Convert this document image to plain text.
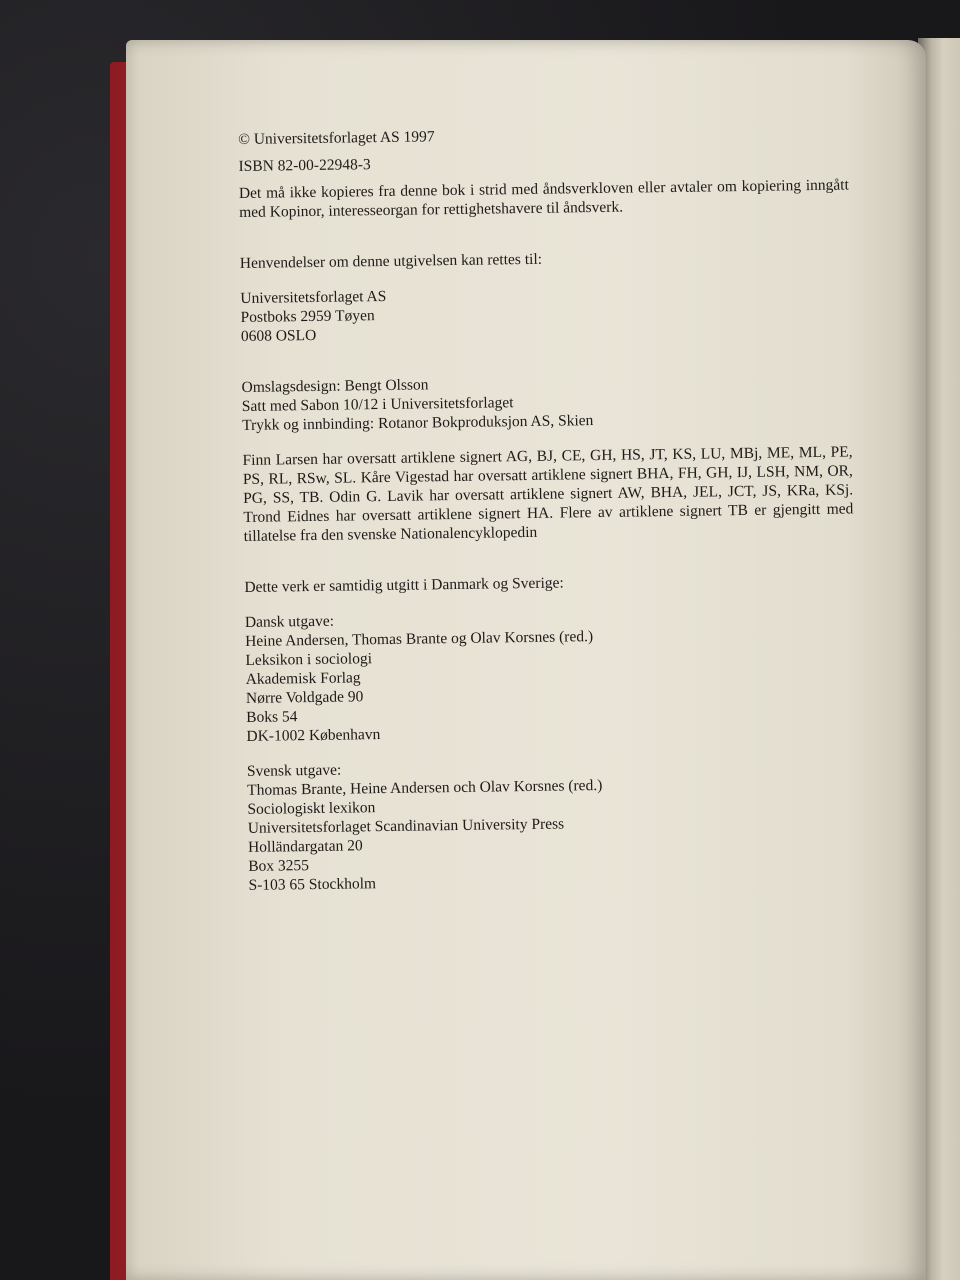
© Universitetsforlaget AS 1997
ISBN 82-00-22948-3
Det må ikke kopieres fra denne bok i strid med åndsverkloven eller avtaler om kopiering inngått med Kopinor, interesseorgan for rettighetshavere til åndsverk.
Henvendelser om denne utgivelsen kan rettes til:
Universitetsforlaget AS
Postboks 2959 Tøyen
0608 OSLO
Omslagsdesign: Bengt Olsson
Satt med Sabon 10/12 i Universitetsforlaget
Trykk og innbinding: Rotanor Bokproduksjon AS, Skien
Finn Larsen har oversatt artiklene signert AG, BJ, CE, GH, HS, JT, KS, LU, MBj, ME, ML, PE, PS, RL, RSw, SL. Kåre Vigestad har oversatt artiklene signert BHA, FH, GH, IJ, LSH, NM, OR, PG, SS, TB. Odin G. Lavik har oversatt artiklene signert AW, BHA, JEL, JCT, JS, KRa, KSj. Trond Eidnes har oversatt artiklene signert HA. Flere av artiklene signert TB er gjengitt med tillatelse fra den svenske Nationalencyklopedin
Dette verk er samtidig utgitt i Danmark og Sverige:
Dansk utgave:
Heine Andersen, Thomas Brante og Olav Korsnes (red.)
Leksikon i sociologi
Akademisk Forlag
Nørre Voldgade 90
Boks 54
DK-1002 København
Svensk utgave:
Thomas Brante, Heine Andersen och Olav Korsnes (red.)
Sociologiskt lexikon
Universitetsforlaget Scandinavian University Press
Holländargatan 20
Box 3255
S-103 65 Stockholm
